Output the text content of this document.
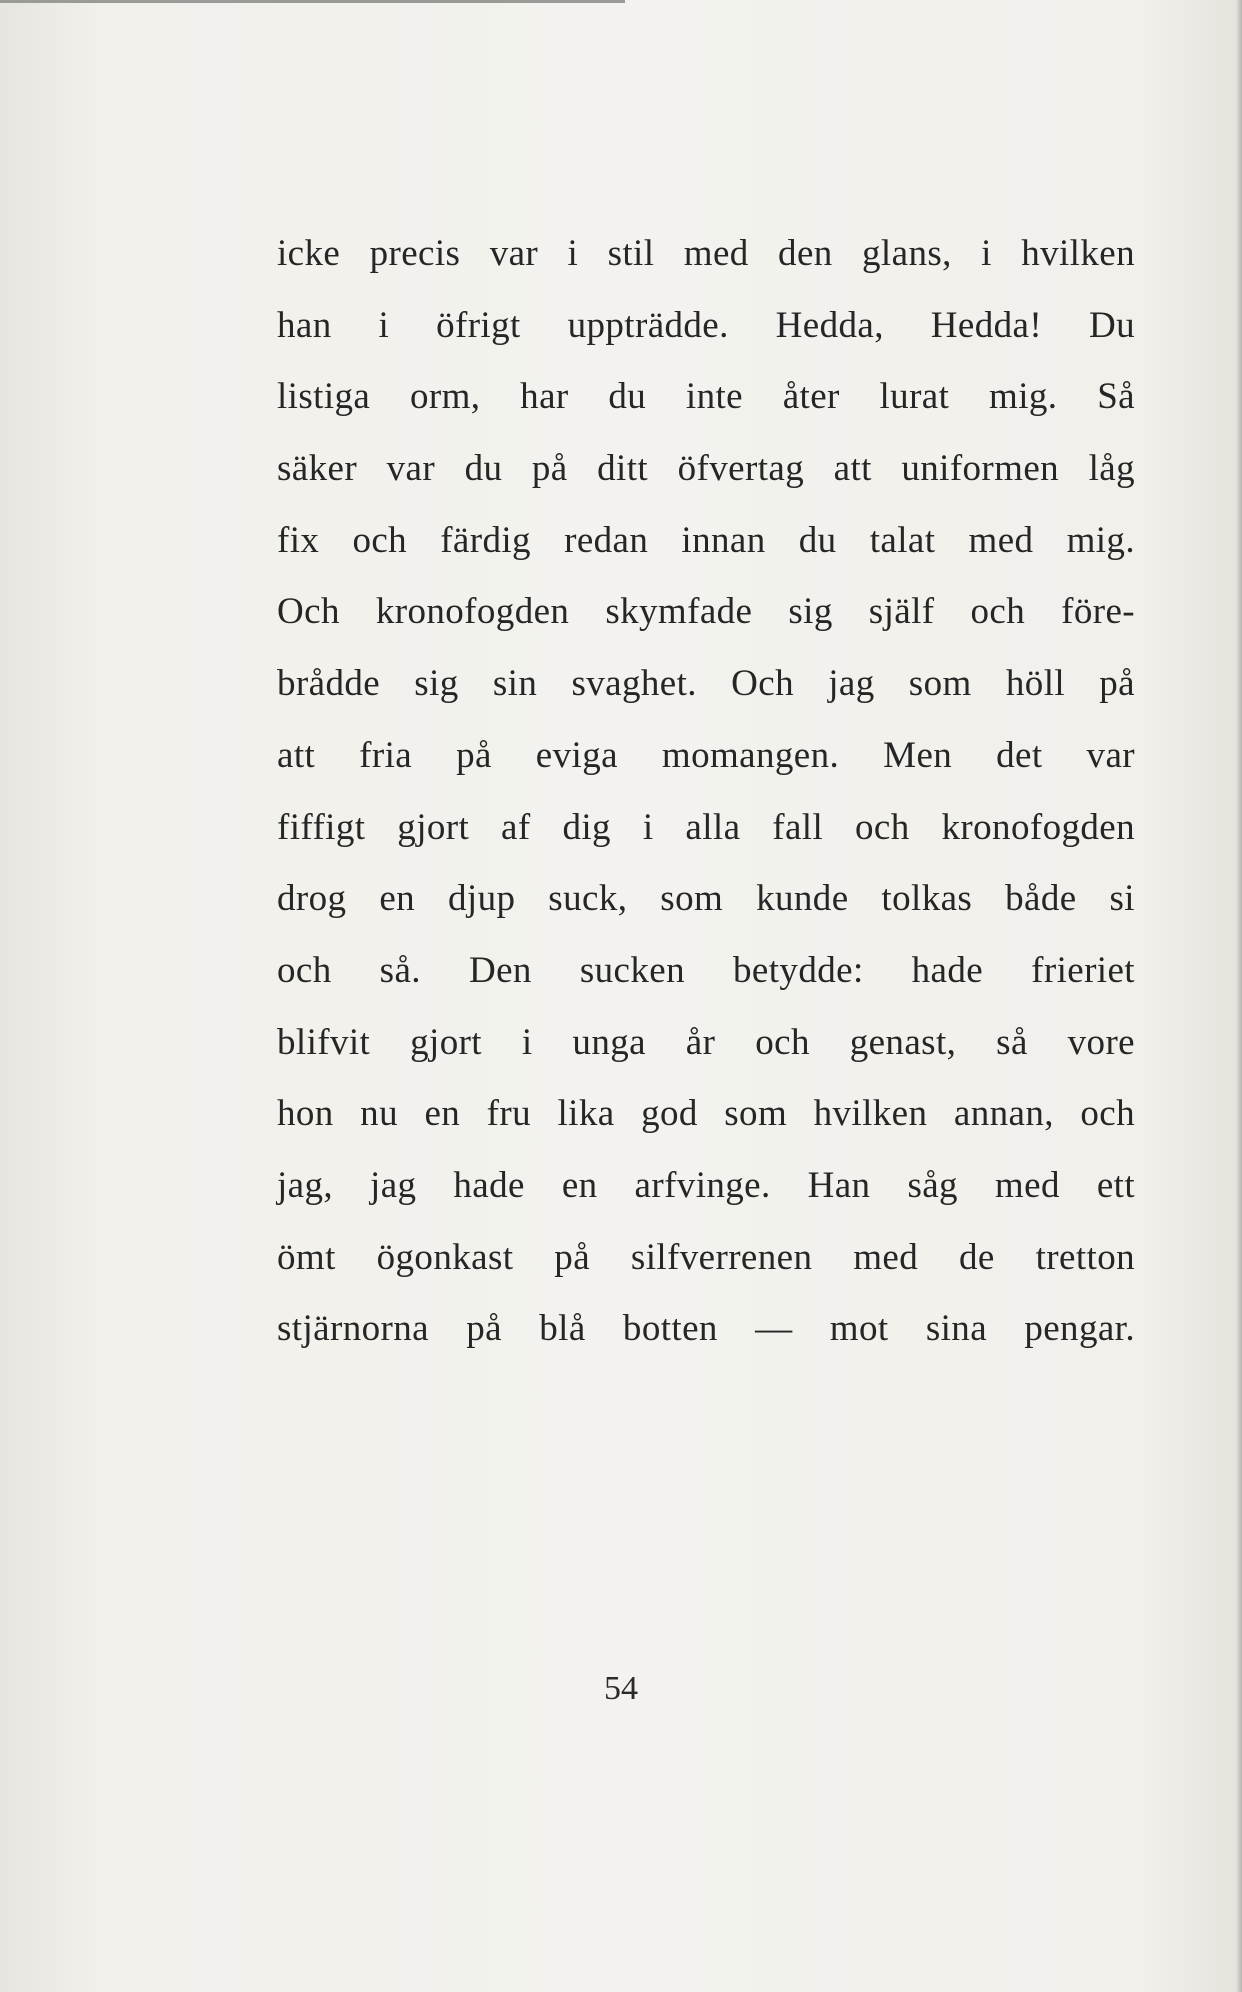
icke precis var i stil med den glans, i hvilken
han i öfrigt uppträdde. Hedda, Hedda! Du
listiga orm, har du inte åter lurat mig. Så
säker var du på ditt öfvertag att uniformen låg
fix och färdig redan innan du talat med mig.
Och kronofogden skymfade sig själf och före-
brådde sig sin svaghet. Och jag som höll på
att fria på eviga momangen. Men det var
fiffigt gjort af dig i alla fall och kronofogden
drog en djup suck, som kunde tolkas både si
och så. Den sucken betydde: hade frieriet
blifvit gjort i unga år och genast, så vore
hon nu en fru lika god som hvilken annan, och
jag, jag hade en arfvinge. Han såg med ett
ömt ögonkast på silfverrenen med de tretton
stjärnorna på blå botten — mot sina pengar.
54
